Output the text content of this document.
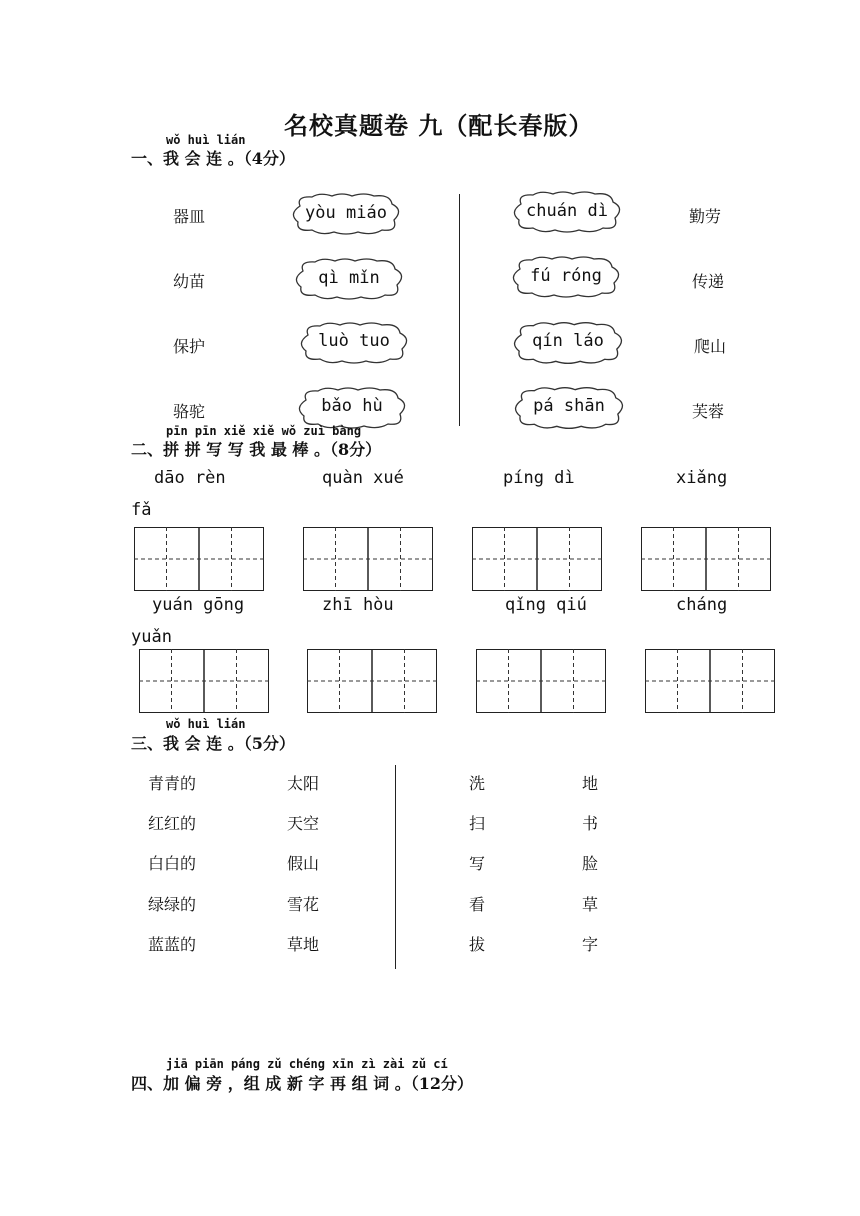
名校真题卷 九（配长春版）
wǒ huì lián
一、我 会 连 。（4分）
器皿
幼苗
保护
骆驼
yòu miáo
qì mǐn
luò tuo
bǎo hù
chuán dì
fú róng
qín láo
pá shān
勤劳
传递
爬山
芙蓉
pīn pīn xiě xiě wǒ zuì bàng
二、拼 拼 写 写 我 最 棒 。（8分）
dāo rèn	quàn xué	píng dì	xiǎng
fǎ
yuán gōng	zhī hòu	qǐng qiú	cháng
yuǎn
wǒ huì lián
三、我 会 连 。（5分）
青青的
红红的
白白的
绿绿的
蓝蓝的
太阳
天空
假山
雪花
草地
洗
扫
写
看
拔
地
书
脸
草
字
jiā piān páng zǔ chéng xīn zì zài zǔ cí
四、加 偏 旁 ，组 成 新 字 再 组 词 。（12分）
